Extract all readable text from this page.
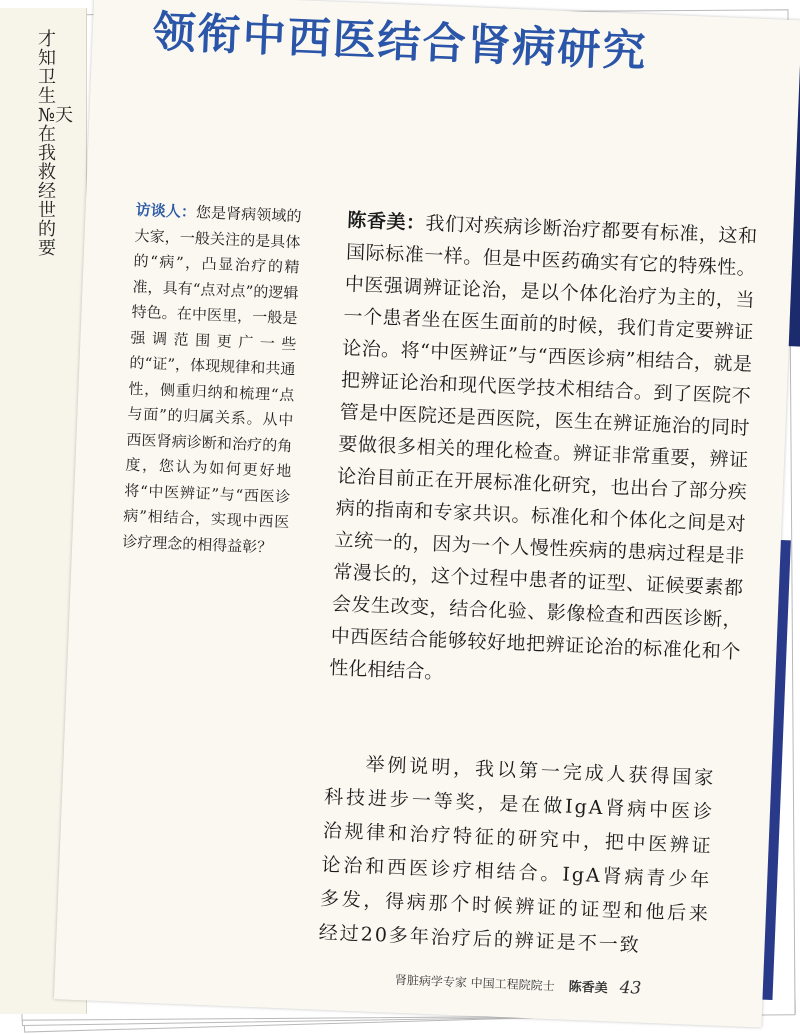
才知卫生№天在我救经世的要
领衔中西医结合肾病研究

访谈人：您是肾病领域的大家，一般关注的是具体的“病”，凸显治疗的精准，具有“点对点”的逻辑特色。在中医里，一般是强调范围更广一些的“证”，体现规律和共通性，侧重归纳和梳理“点与面”的归属关系。从中西医肾病诊断和治疗的角度，您认为如何更好地将“中医辨证”与“西医诊病”相结合，实现中西医诊疗理念的相得益彰？

陈香美：我们对疾病诊断治疗都要有标准，这和国际标准一样。但是中医药确实有它的特殊性。中医强调辨证论治，是以个体化治疗为主的，当一个患者坐在医生面前的时候，我们肯定要辨证论治。将“中医辨证”与“西医诊病”相结合，就是把辨证论治和现代医学技术相结合。到了医院不管是中医院还是西医院，医生在辨证施治的同时要做很多相关的理化检查。辨证非常重要，辨证论治目前正在开展标准化研究，也出台了部分疾病的指南和专家共识。标准化和个体化之间是对立统一的，因为一个人慢性疾病的患病过程是非常漫长的，这个过程中患者的证型、证候要素都会发生改变，结合化验、影像检查和西医诊断，中西医结合能够较好地把辨证论治的标准化和个性化相结合。

举例说明，我以第一完成人获得国家科技进步一等奖，是在做IgA肾病中医诊治规律和治疗特征的研究中，把中医辨证论治和西医诊疗相结合。IgA肾病青少年多发，得病那个时候辨证的证型和他后来经过20多年治疗后的辨证是不一致

肾脏病学专家 中国工程院院士 陈香美 43
